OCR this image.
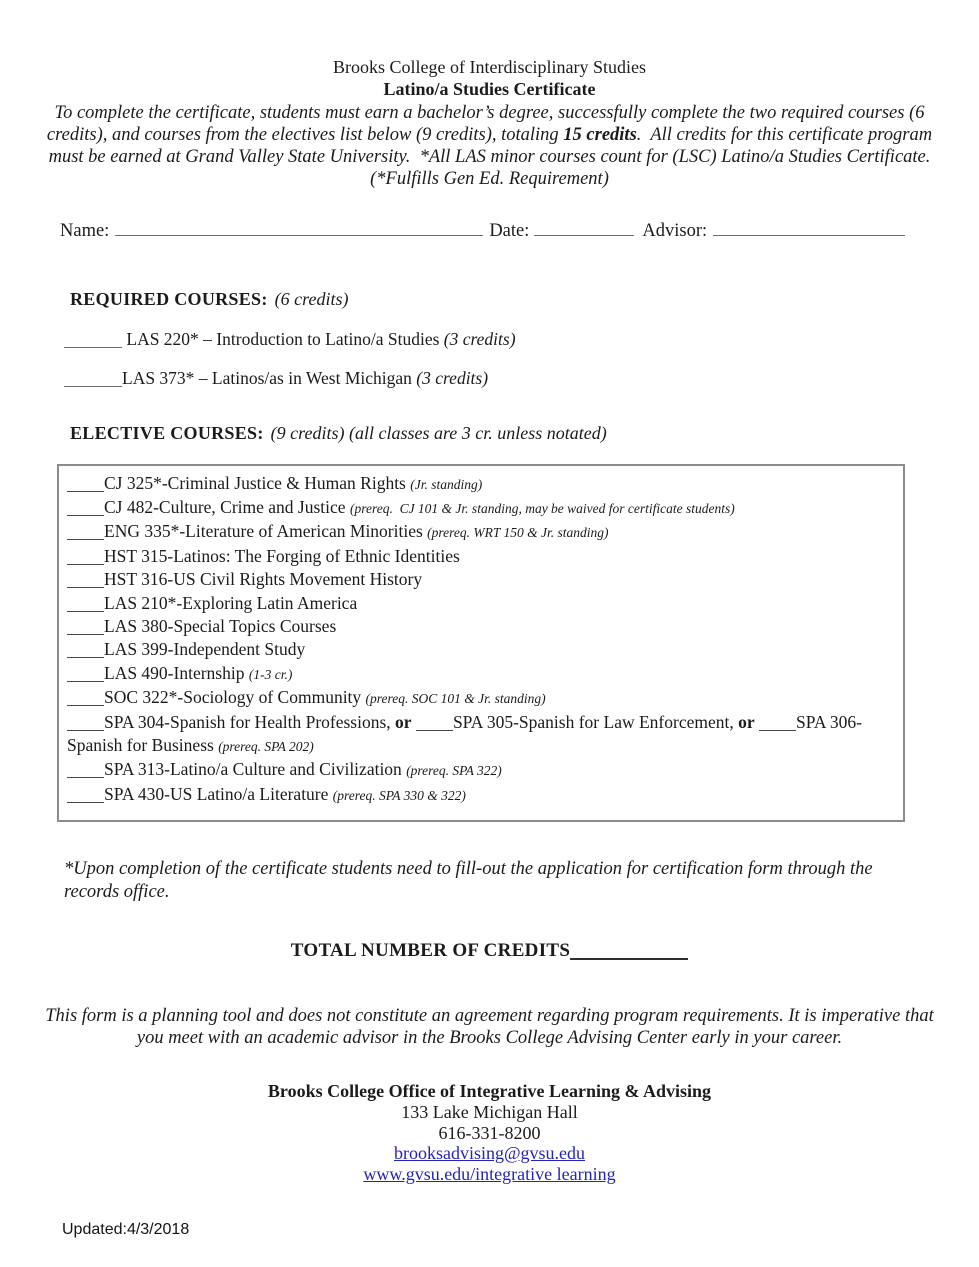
Brooks College of Interdisciplinary Studies
Latino/a Studies Certificate
To complete the certificate, students must earn a bachelor’s degree, successfully complete the two required courses (6 credits), and courses from the electives list below (9 credits), totaling 15 credits.  All credits for this certificate program must be earned at Grand Valley State University.  *All LAS minor courses count for (LSC) Latino/a Studies Certificate. (*Fulfills Gen Ed. Requirement)
Name:	Date:	Advisor:
REQUIRED COURSES: (6 credits)
LAS 220* – Introduction to Latino/a Studies (3 credits)
LAS 373* – Latinos/as in West Michigan (3 credits)
ELECTIVE COURSES: (9 credits) (all classes are 3 cr. unless notated)
CJ 325*-Criminal Justice & Human Rights (Jr. standing)
CJ 482-Culture, Crime and Justice (prereq.  CJ 101 & Jr. standing, may be waived for certificate students)
ENG 335*-Literature of American Minorities (prereq. WRT 150 & Jr. standing)
HST 315-Latinos: The Forging of Ethnic Identities
HST 316-US Civil Rights Movement History
LAS 210*-Exploring Latin America
LAS 380-Special Topics Courses
LAS 399-Independent Study
LAS 490-Internship (1-3 cr.)
SOC 322*-Sociology of Community (prereq. SOC 101 & Jr. standing)
SPA 304-Spanish for Health Professions, or SPA 305-Spanish for Law Enforcement, or SPA 306-Spanish for Business (prereq. SPA 202)
SPA 313-Latino/a Culture and Civilization (prereq. SPA 322)
SPA 430-US Latino/a Literature (prereq. SPA 330 & 322)
*Upon completion of the certificate students need to fill-out the application for certification form through the records office.
TOTAL NUMBER OF CREDITS
This form is a planning tool and does not constitute an agreement regarding program requirements. It is imperative that you meet with an academic advisor in the Brooks College Advising Center early in your career.
Brooks College Office of Integrative Learning & Advising
133 Lake Michigan Hall
616-331-8200
brooksadvising@gvsu.edu
www.gvsu.edu/integrative learning
Updated:4/3/2018
